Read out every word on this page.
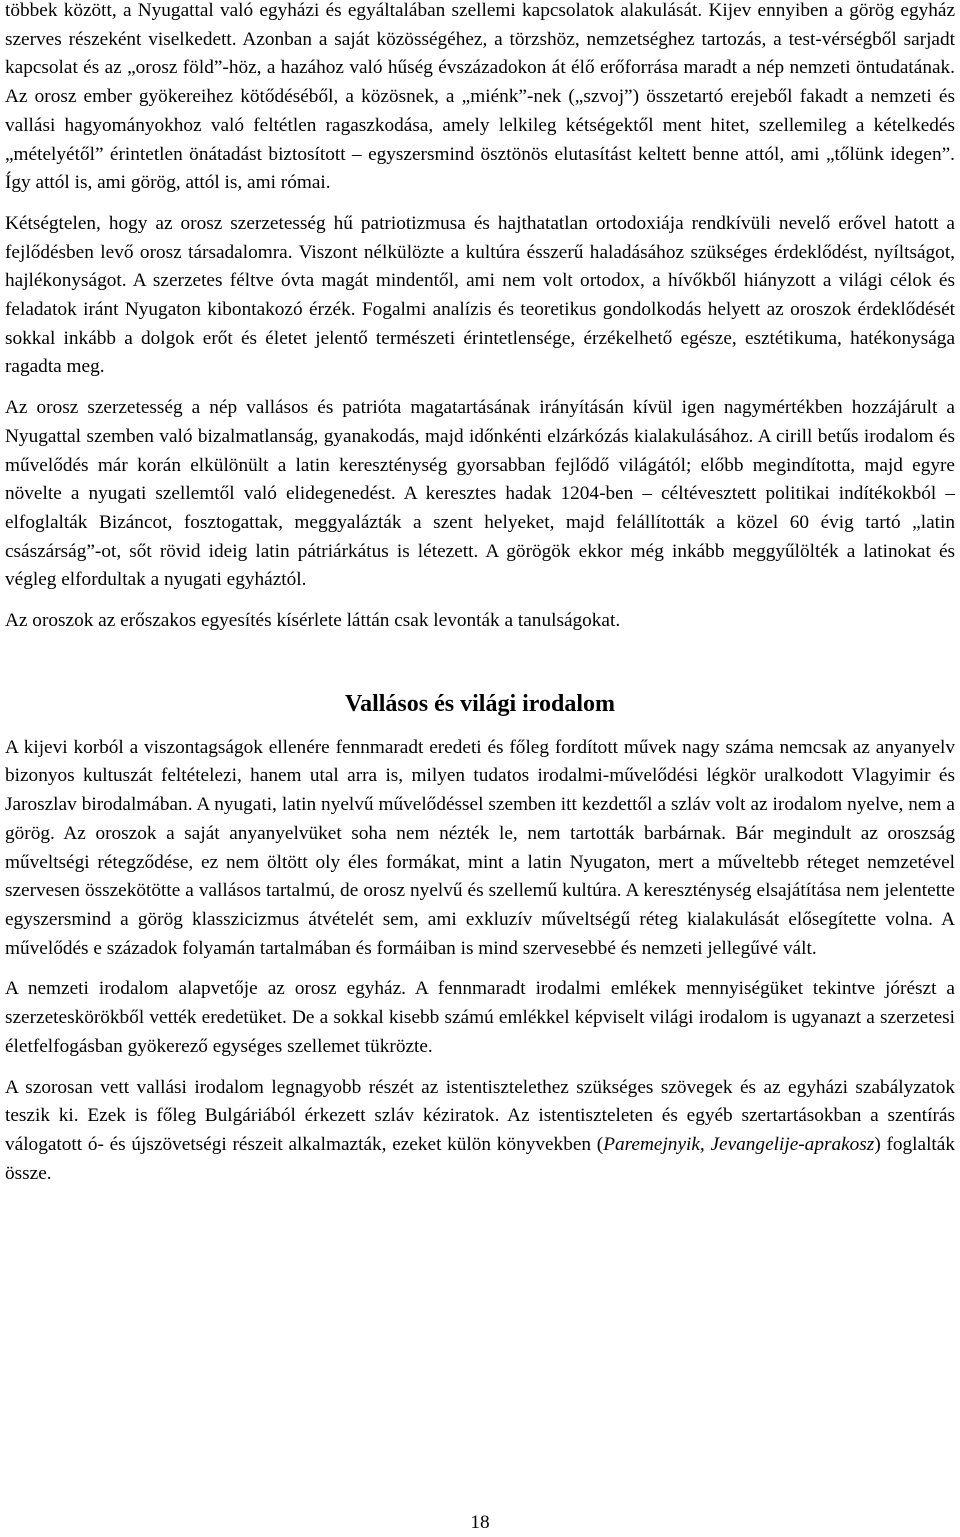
többek között, a Nyugattal való egyházi és egyáltalában szellemi kapcsolatok alakulását. Kijev ennyiben a görög egyház szerves részeként viselkedett. Azonban a saját közösségéhez, a törzshöz, nemzetséghez tartozás, a test-vérségből sarjadt kapcsolat és az „orosz föld”-höz, a hazához való hűség évszázadokon át élő erőforrása maradt a nép nemzeti öntudatának. Az orosz ember gyökereihez kötődéséből, a közösnek, a „miénk”-nek („szvoj”) összetartó erejeből fakadt a nemzeti és vallási hagyományokhoz való feltétlen ragaszkodása, amely lelkileg kétségektől ment hitet, szellemileg a kételkedés „mételyétől” érintetlen önátadást biztosított – egyszersmind ösztönös elutasítást keltett benne attól, ami „tőlünk idegen”. Így attól is, ami görög, attól is, ami római.

Kétségtelen, hogy az orosz szerzetesség hű patriotizmusa és hajthatatlan ortodoxiája rendkívüli nevelő erővel hatott a fejlődésben levő orosz társadalomra. Viszont nélkülözte a kultúra ésszerű haladásához szükséges érdeklődést, nyíltságot, hajlékonyságot. A szerzetes féltve óvta magát mindentől, ami nem volt ortodox, a hívőkből hiányzott a világi célok és feladatok iránt Nyugaton kibontakozó érzék. Fogalmi analízis és teoretikus gondolkodás helyett az oroszok érdeklődését sokkal inkább a dolgok erőt és életet jelentő természeti érintetlensége, érzékelhető egésze, esztétikuma, hatékonysága ragadta meg.

Az orosz szerzetesség a nép vallásos és patrióta magatartásának irányításán kívül igen nagymértékben hozzájárult a Nyugattal szemben való bizalmatlanság, gyanakodás, majd időnkénti elzárkózás kialakulásához. A cirill betűs irodalom és művelődés már korán elkülönült a latin kereszténység gyorsabban fejlődő világától; előbb megindította, majd egyre növelte a nyugati szellemtől való elidegenedést. A keresztes hadak 1204-ben – céltévesztett politikai indítékokból – elfoglalták Bizáncot, fosztogattak, meggyalázták a szent helyeket, majd felállították a közel 60 évig tartó „latin császárság”-ot, sőt rövid ideig latin pátriárkátus is létezett. A görögök ekkor még inkább meggyűlölték a latinokat és végleg elfordultak a nyugati egyháztól.

Az oroszok az erőszakos egyesítés kísérlete láttán csak levonták a tanulságokat.

Vallásos és világi irodalom

A kijevi korból a viszontagságok ellenére fennmaradt eredeti és főleg fordított művek nagy száma nemcsak az anyanyelv bizonyos kultuszát feltételezi, hanem utal arra is, milyen tudatos irodalmi-művelődési légkör uralkodott Vlagyimir és Jaroszlav birodalmában. A nyugati, latin nyelvű művelődéssel szemben itt kezdettől a szláv volt az irodalom nyelve, nem a görög. Az oroszok a saját anyanyelvüket soha nem nézték le, nem tartották barbárnak. Bár megindult az oroszság műveltségi rétegződése, ez nem öltött oly éles formákat, mint a latin Nyugaton, mert a műveltebb réteget nemzetével szervesen összekötötte a vallásos tartalmú, de orosz nyelvű és szellemű kultúra. A kereszténység elsajátítása nem jelentette egyszersmind a görög klasszicizmus átvételét sem, ami exkluzív műveltségű réteg kialakulását elősegítette volna. A művelődés e századok folyamán tartalmában és formáiban is mind szervesebbé és nemzeti jellegűvé vált.

A nemzeti irodalom alapvetője az orosz egyház. A fennmaradt irodalmi emlékek mennyiségüket tekintve jórészt a szerzeteskörökből vették eredetüket. De a sokkal kisebb számú emlékkel képviselt világi irodalom is ugyanazt a szerzetesi életfelfogásban gyökerező egységes szellemet tükrözte.

A szorosan vett vallási irodalom legnagyobb részét az istentisztelethez szükséges szövegek és az egyházi szabályzatok teszik ki. Ezek is főleg Bulgáriából érkezett szláv kéziratok. Az istentiszteleten és egyéb szertartásokban a szentírás válogatott ó- és újszövetségi részeit alkalmazták, ezeket külön könyvekben (Paremejnyik, Jevangelije-aprakosz) foglalták össze.

18
